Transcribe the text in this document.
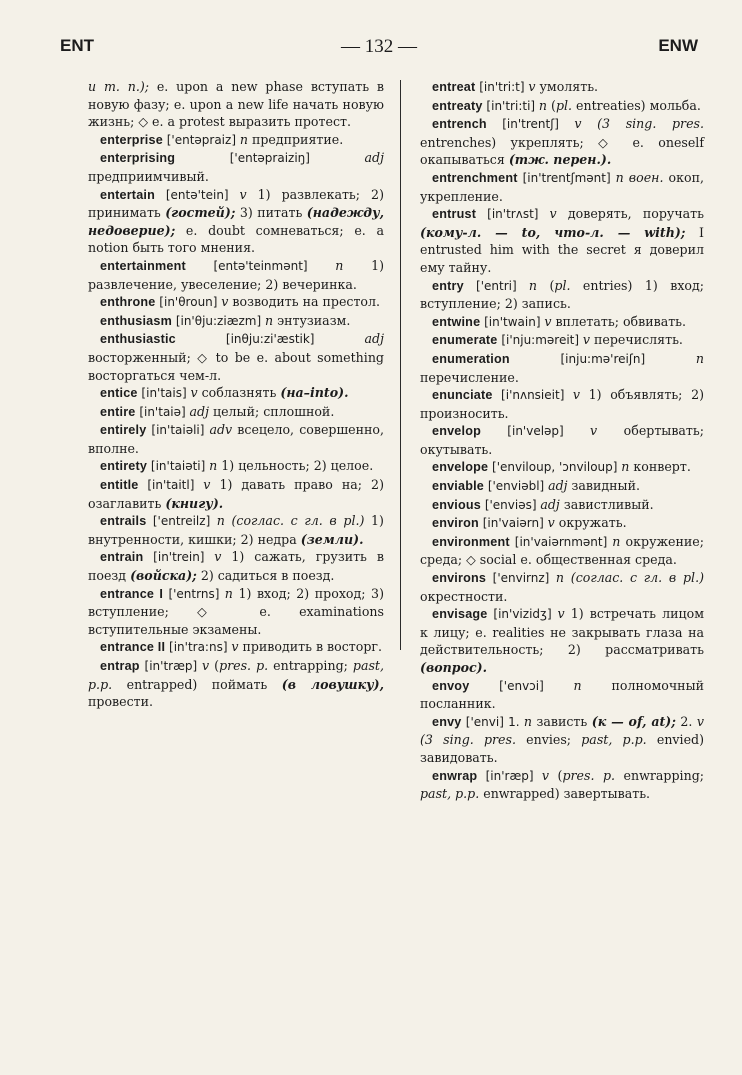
ENT	— 132 —	ENW

u m. n.); e. upon a new phase вступать в новую фазу; e. upon a new life начать новую жизнь; ◇ e. a protest выразить протест.

enterprise ['entəpraiz] n предприятие.

enterprising ['entəpraiziŋ] adj предприимчивый.

entertain [entə'tein] v 1) развлекать; 2) принимать (гостей); 3) питать (надежду, недоверие); e. doubt сомневаться; e. a notion быть того мнения.

entertainment [entə'teinmənt] n 1) развлечение, увеселение; 2) вечеринка.

enthrone [in'θroun] v возводить на престол.

enthusiasm [in'θju:ziæzm] n энтузиазм.

enthusiastic [inθju:zi'æstik] adj восторженный; ◇ to be e. about something восторгаться чем-л.

entice [in'tais] v соблазнять (на–into).

entire [in'taiə] adj целый; сплошной.

entirely [in'taiəli] adv всецело, совершенно, вполне.

entirety [in'taiəti] n 1) цельность; 2) целое.

entitle [in'taitl] v 1) давать право на; 2) озаглавить (книгу).

entrails ['entreilz] n (соглас. с гл. в pl.) 1) внутренности, кишки; 2) недра (земли).

entrain [in'trein] v 1) сажать, грузить в поезд (войска); 2) садиться в поезд.

entrance I ['entrns] n 1) вход; 2) проход; 3) вступление; ◇ e. examinations вступительные экзамены.

entrance II [in'tra:ns] v приводить в восторг.

entrap [in'træp] v (pres. p. entrapping; past, p.p. entrapped) поймать (в ловушку), провести.

entreat [in'tri:t] v умолять.

entreaty [in'tri:ti] n (pl. entreaties) мольба.

entrench [in'trentʃ] v (3 sing. pres. entrenches) укреплять; ◇ e. oneself окапываться (тж. перен.).

entrenchment [in'trentʃmənt] n воен. окоп, укрепление.

entrust [in'trʌst] v доверять, поручать (кому-л. — to, что-л. — with); I entrusted him with the secret я доверил ему тайну.

entry ['entri] n (pl. entries) 1) вход; вступление; 2) запись.

entwine [in'twain] v вплетать; обвивать.

enumerate [i'nju:məreit] v перечислять.

enumeration [inju:mə'reiʃn] n перечисление.

enunciate [i'nʌnsieit] v 1) объявлять; 2) произносить.

envelop [in'veləp] v обертывать; окутывать.

envelope ['enviloup, 'ɔnviloup] n конверт.

enviable ['enviəbl] adj завидный.

envious ['enviəs] adj завистливый.

environ [in'vaiərn] v окружать.

environment [in'vaiərnmənt] n окружение; среда; ◇ social e. общественная среда.

environs ['envirnz] n (соглас. с гл. в pl.) окрестности.

envisage [in'vizidʒ] v 1) встречать лицом к лицу; e. realities не закрывать глаза на действительность; 2) рассматривать (вопрос).

envoy ['envɔi] n полномочный посланник.

envy ['envi] 1. n зависть (к — of, at); 2. v (3 sing. pres. envies; past, p.p. envied) завидовать.

enwrap [in'ræp] v (pres. p. enwrapping; past, p.p. enwrapped) завертывать.
